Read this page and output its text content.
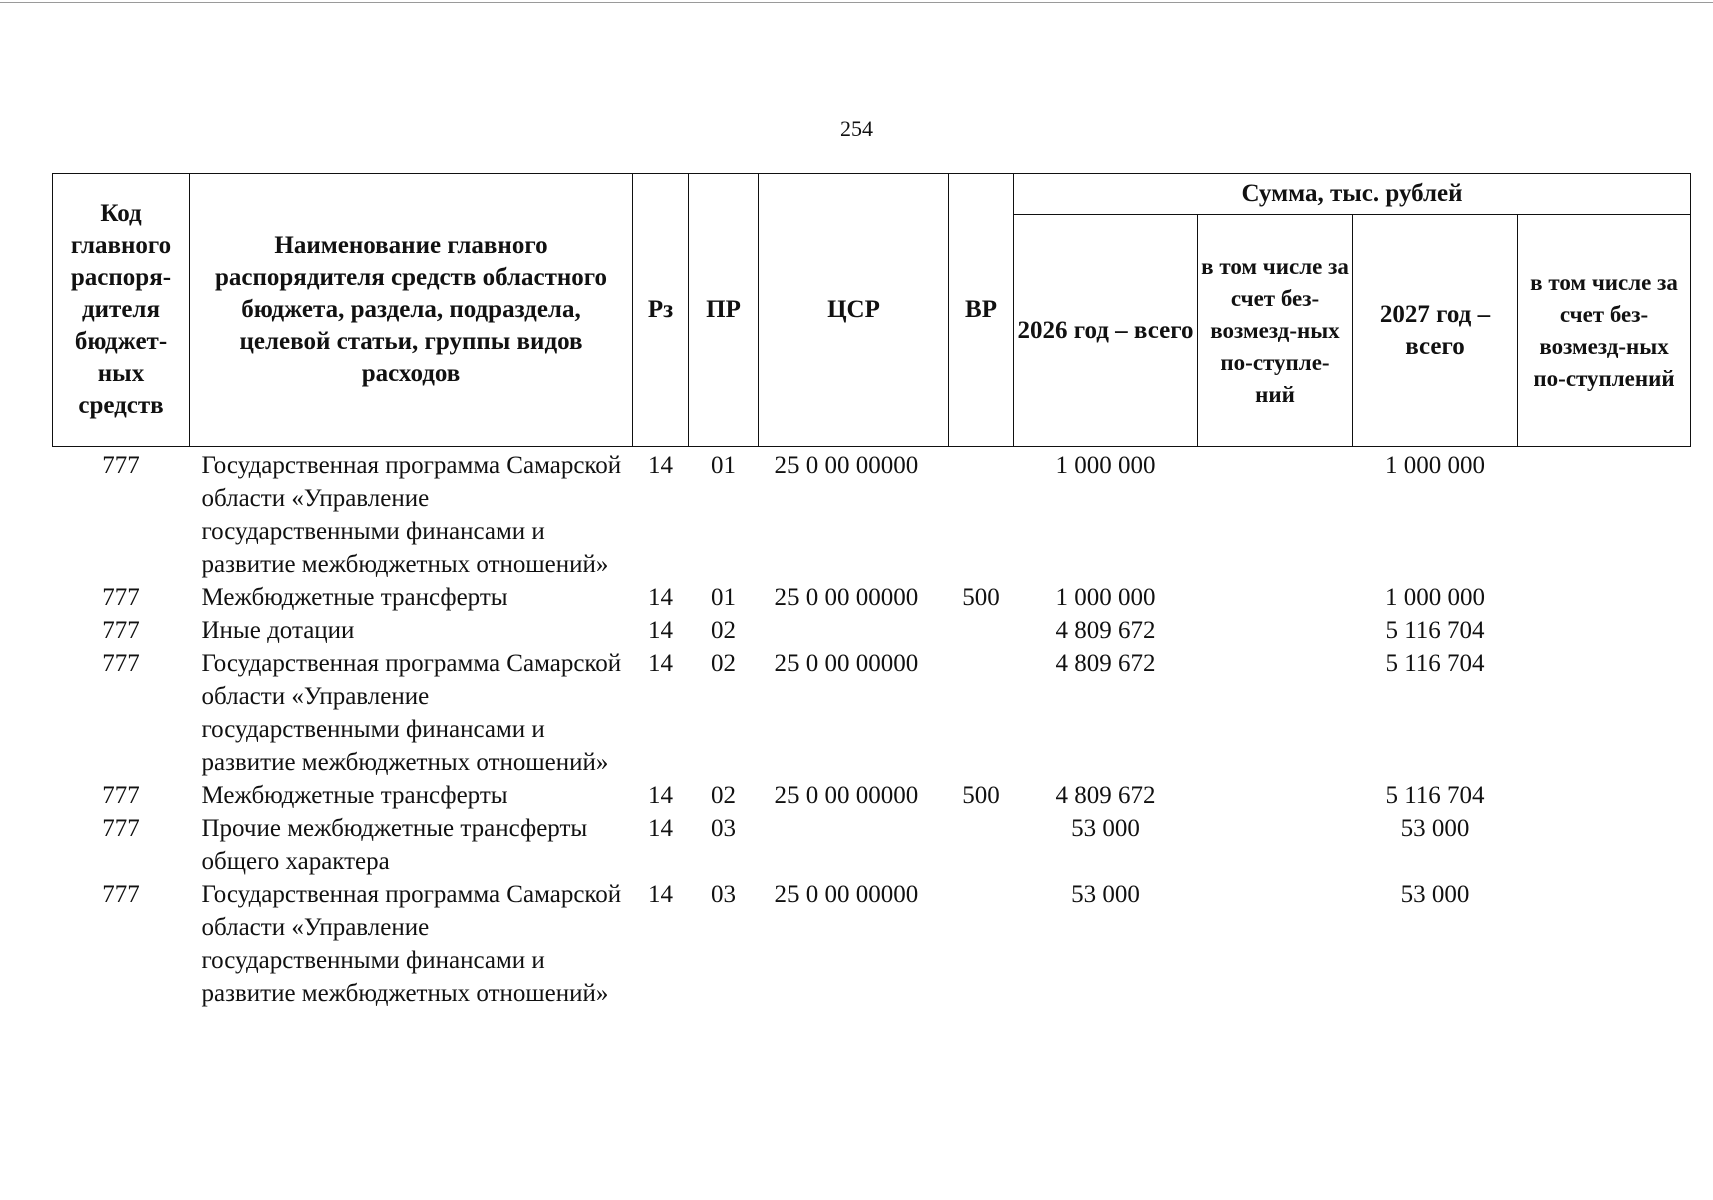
254
Код главного распоря-дителя бюджет-ных средств	Наименование главного распорядителя средств областного бюджета, раздела, подраздела, целевой статьи, группы видов расходов	Рз	ПР	ЦСР	ВР	Сумма, тыс. рублей			
						2026 год – всего	в том числе за счет без-возмезд-ных по-ступле-ний	2027 год – всего	в том числе за счет без-возмезд-ных по-ступлений
777	Государственная программа Самарской области «Управление государственными финансами и развитие межбюджетных отношений»	14	01	25 0 00 00000		1 000 000		1 000 000	
777	Межбюджетные трансферты	14	01	25 0 00 00000	500	1 000 000		1 000 000	
777	Иные дотации	14	02			4 809 672		5 116 704	
777	Государственная программа Самарской области «Управление государственными финансами и развитие межбюджетных отношений»	14	02	25 0 00 00000		4 809 672		5 116 704	
777	Межбюджетные трансферты	14	02	25 0 00 00000	500	4 809 672		5 116 704	
777	Прочие межбюджетные трансферты общего характера	14	03			53 000		53 000	
777	Государственная программа Самарской области «Управление государственными финансами и развитие межбюджетных отношений»	14	03	25 0 00 00000		53 000		53 000	
